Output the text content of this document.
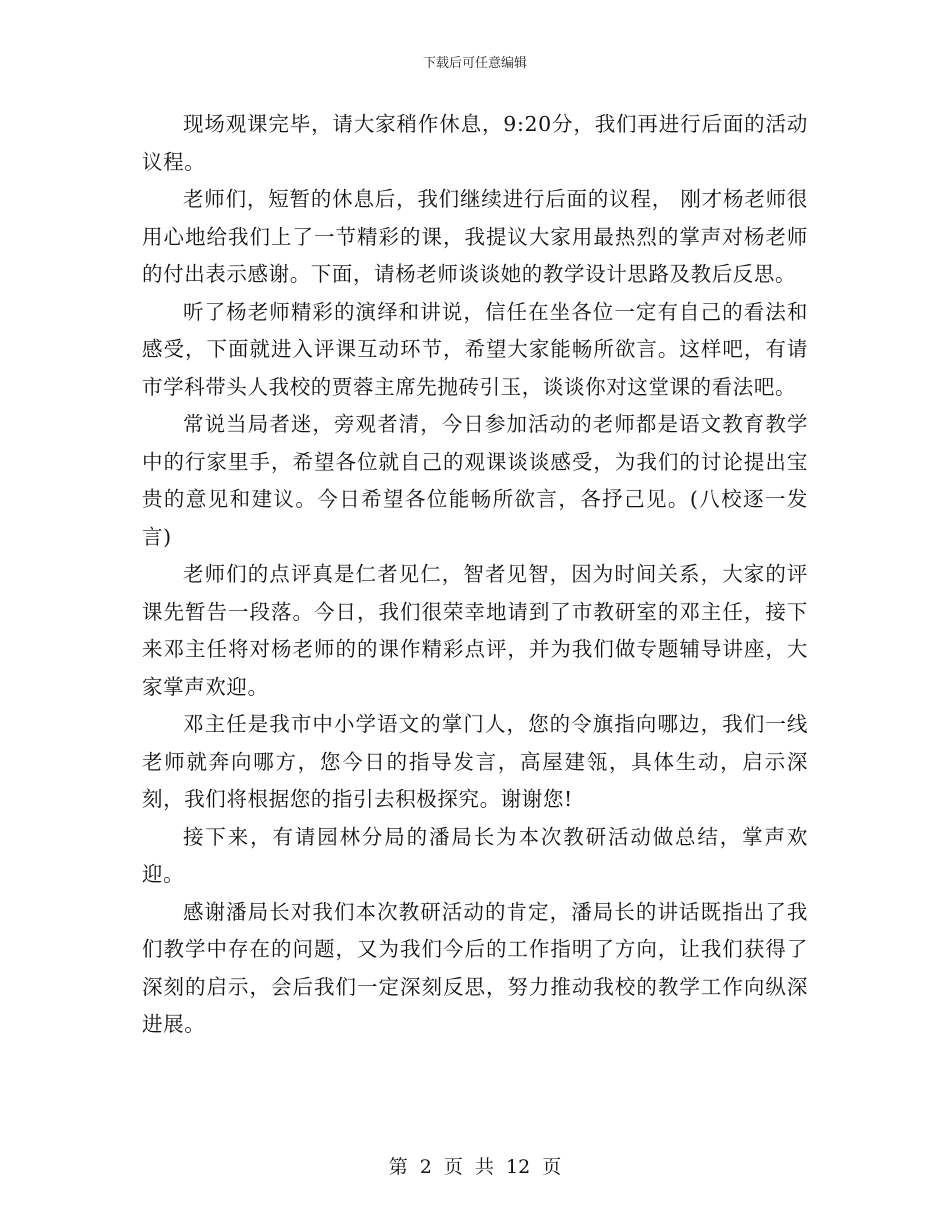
下载后可任意编辑

现场观课完毕，请大家稍作休息，9:20分，我们再进行后面的活动议程。

老师们，短暂的休息后，我们继续进行后面的议程， 刚才杨老师很用心地给我们上了一节精彩的课，我提议大家用最热烈的掌声对杨老师的付出表示感谢。下面，请杨老师谈谈她的教学设计思路及教后反思。

听了杨老师精彩的演绎和讲说，信任在坐各位一定有自己的看法和感受，下面就进入评课互动环节，希望大家能畅所欲言。这样吧，有请市学科带头人我校的贾蓉主席先抛砖引玉，谈谈你对这堂课的看法吧。

常说当局者迷，旁观者清，今日参加活动的老师都是语文教育教学中的行家里手，希望各位就自己的观课谈谈感受，为我们的讨论提出宝贵的意见和建议。今日希望各位能畅所欲言，各抒己见。(八校逐一发言)

老师们的点评真是仁者见仁，智者见智，因为时间关系，大家的评课先暂告一段落。今日，我们很荣幸地请到了市教研室的邓主任，接下来邓主任将对杨老师的的课作精彩点评，并为我们做专题辅导讲座，大家掌声欢迎。

邓主任是我市中小学语文的掌门人，您的令旗指向哪边，我们一线老师就奔向哪方，您今日的指导发言，高屋建瓴，具体生动，启示深刻，我们将根据您的指引去积极探究。谢谢您!

接下来，有请园林分局的潘局长为本次教研活动做总结，掌声欢迎。

感谢潘局长对我们本次教研活动的肯定，潘局长的讲话既指出了我们教学中存在的问题，又为我们今后的工作指明了方向，让我们获得了深刻的启示，会后我们一定深刻反思，努力推动我校的教学工作向纵深进展。

第 2 页 共 12 页
